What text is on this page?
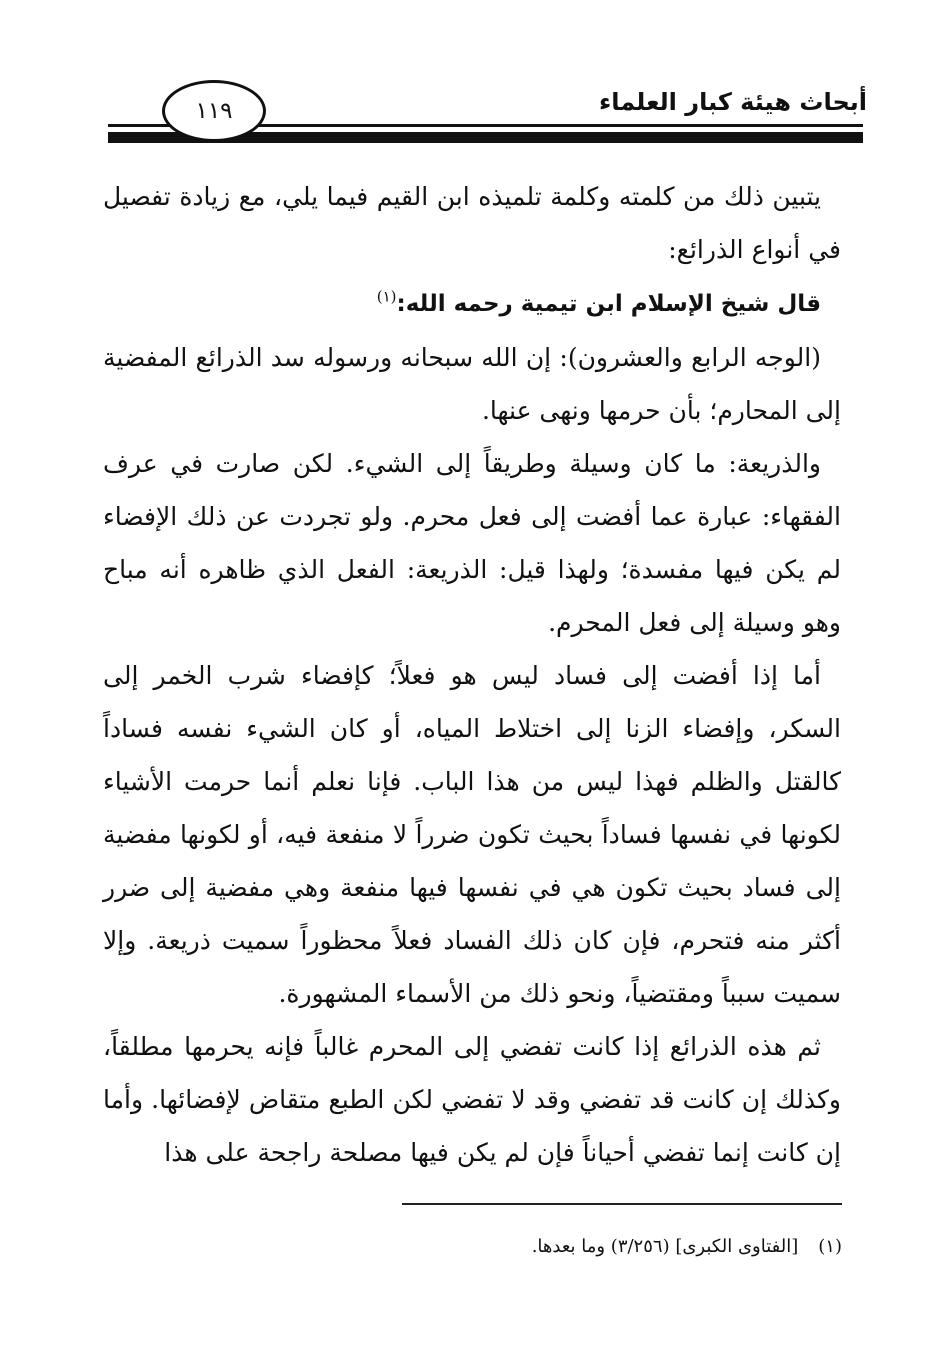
أبحاث هيئة كبار العلماء
١١٩

يتبين ذلك من كلمته وكلمة تلميذه ابن القيم فيما يلي، مع زيادة تفصيل في أنواع الذرائع:

قال شيخ الإسلام ابن تيمية رحمه الله:$^{(١)}$

(الوجه الرابع والعشرون): إن الله سبحانه ورسوله سد الذرائع المفضية إلى المحارم؛ بأن حرمها ونهى عنها.

والذريعة: ما كان وسيلة وطريقاً إلى الشيء. لكن صارت في عرف الفقهاء: عبارة عما أفضت إلى فعل محرم. ولو تجردت عن ذلك الإفضاء لم يكن فيها مفسدة؛ ولهذا قيل: الذريعة: الفعل الذي ظاهره أنه مباح وهو وسيلة إلى فعل المحرم.

أما إذا أفضت إلى فساد ليس هو فعلاً؛ كإفضاء شرب الخمر إلى السكر، وإفضاء الزنا إلى اختلاط المياه، أو كان الشيء نفسه فساداً كالقتل والظلم فهذا ليس من هذا الباب. فإنا نعلم أنما حرمت الأشياء لكونها في نفسها فساداً بحيث تكون ضرراً لا منفعة فيه، أو لكونها مفضية إلى فساد بحيث تكون هي في نفسها فيها منفعة وهي مفضية إلى ضرر أكثر منه فتحرم، فإن كان ذلك الفساد فعلاً محظوراً سميت ذريعة. وإلا سميت سبباً ومقتضياً، ونحو ذلك من الأسماء المشهورة.

ثم هذه الذرائع إذا كانت تفضي إلى المحرم غالباً فإنه يحرمها مطلقاً، وكذلك إن كانت قد تفضي وقد لا تفضي لكن الطبع متقاض لإفضائها. وأما إن كانت إنما تفضي أحياناً فإن لم يكن فيها مصلحة راجحة على هذا

(١)[الفتاوى الكبرى] (٣/٢٥٦) وما بعدها.
